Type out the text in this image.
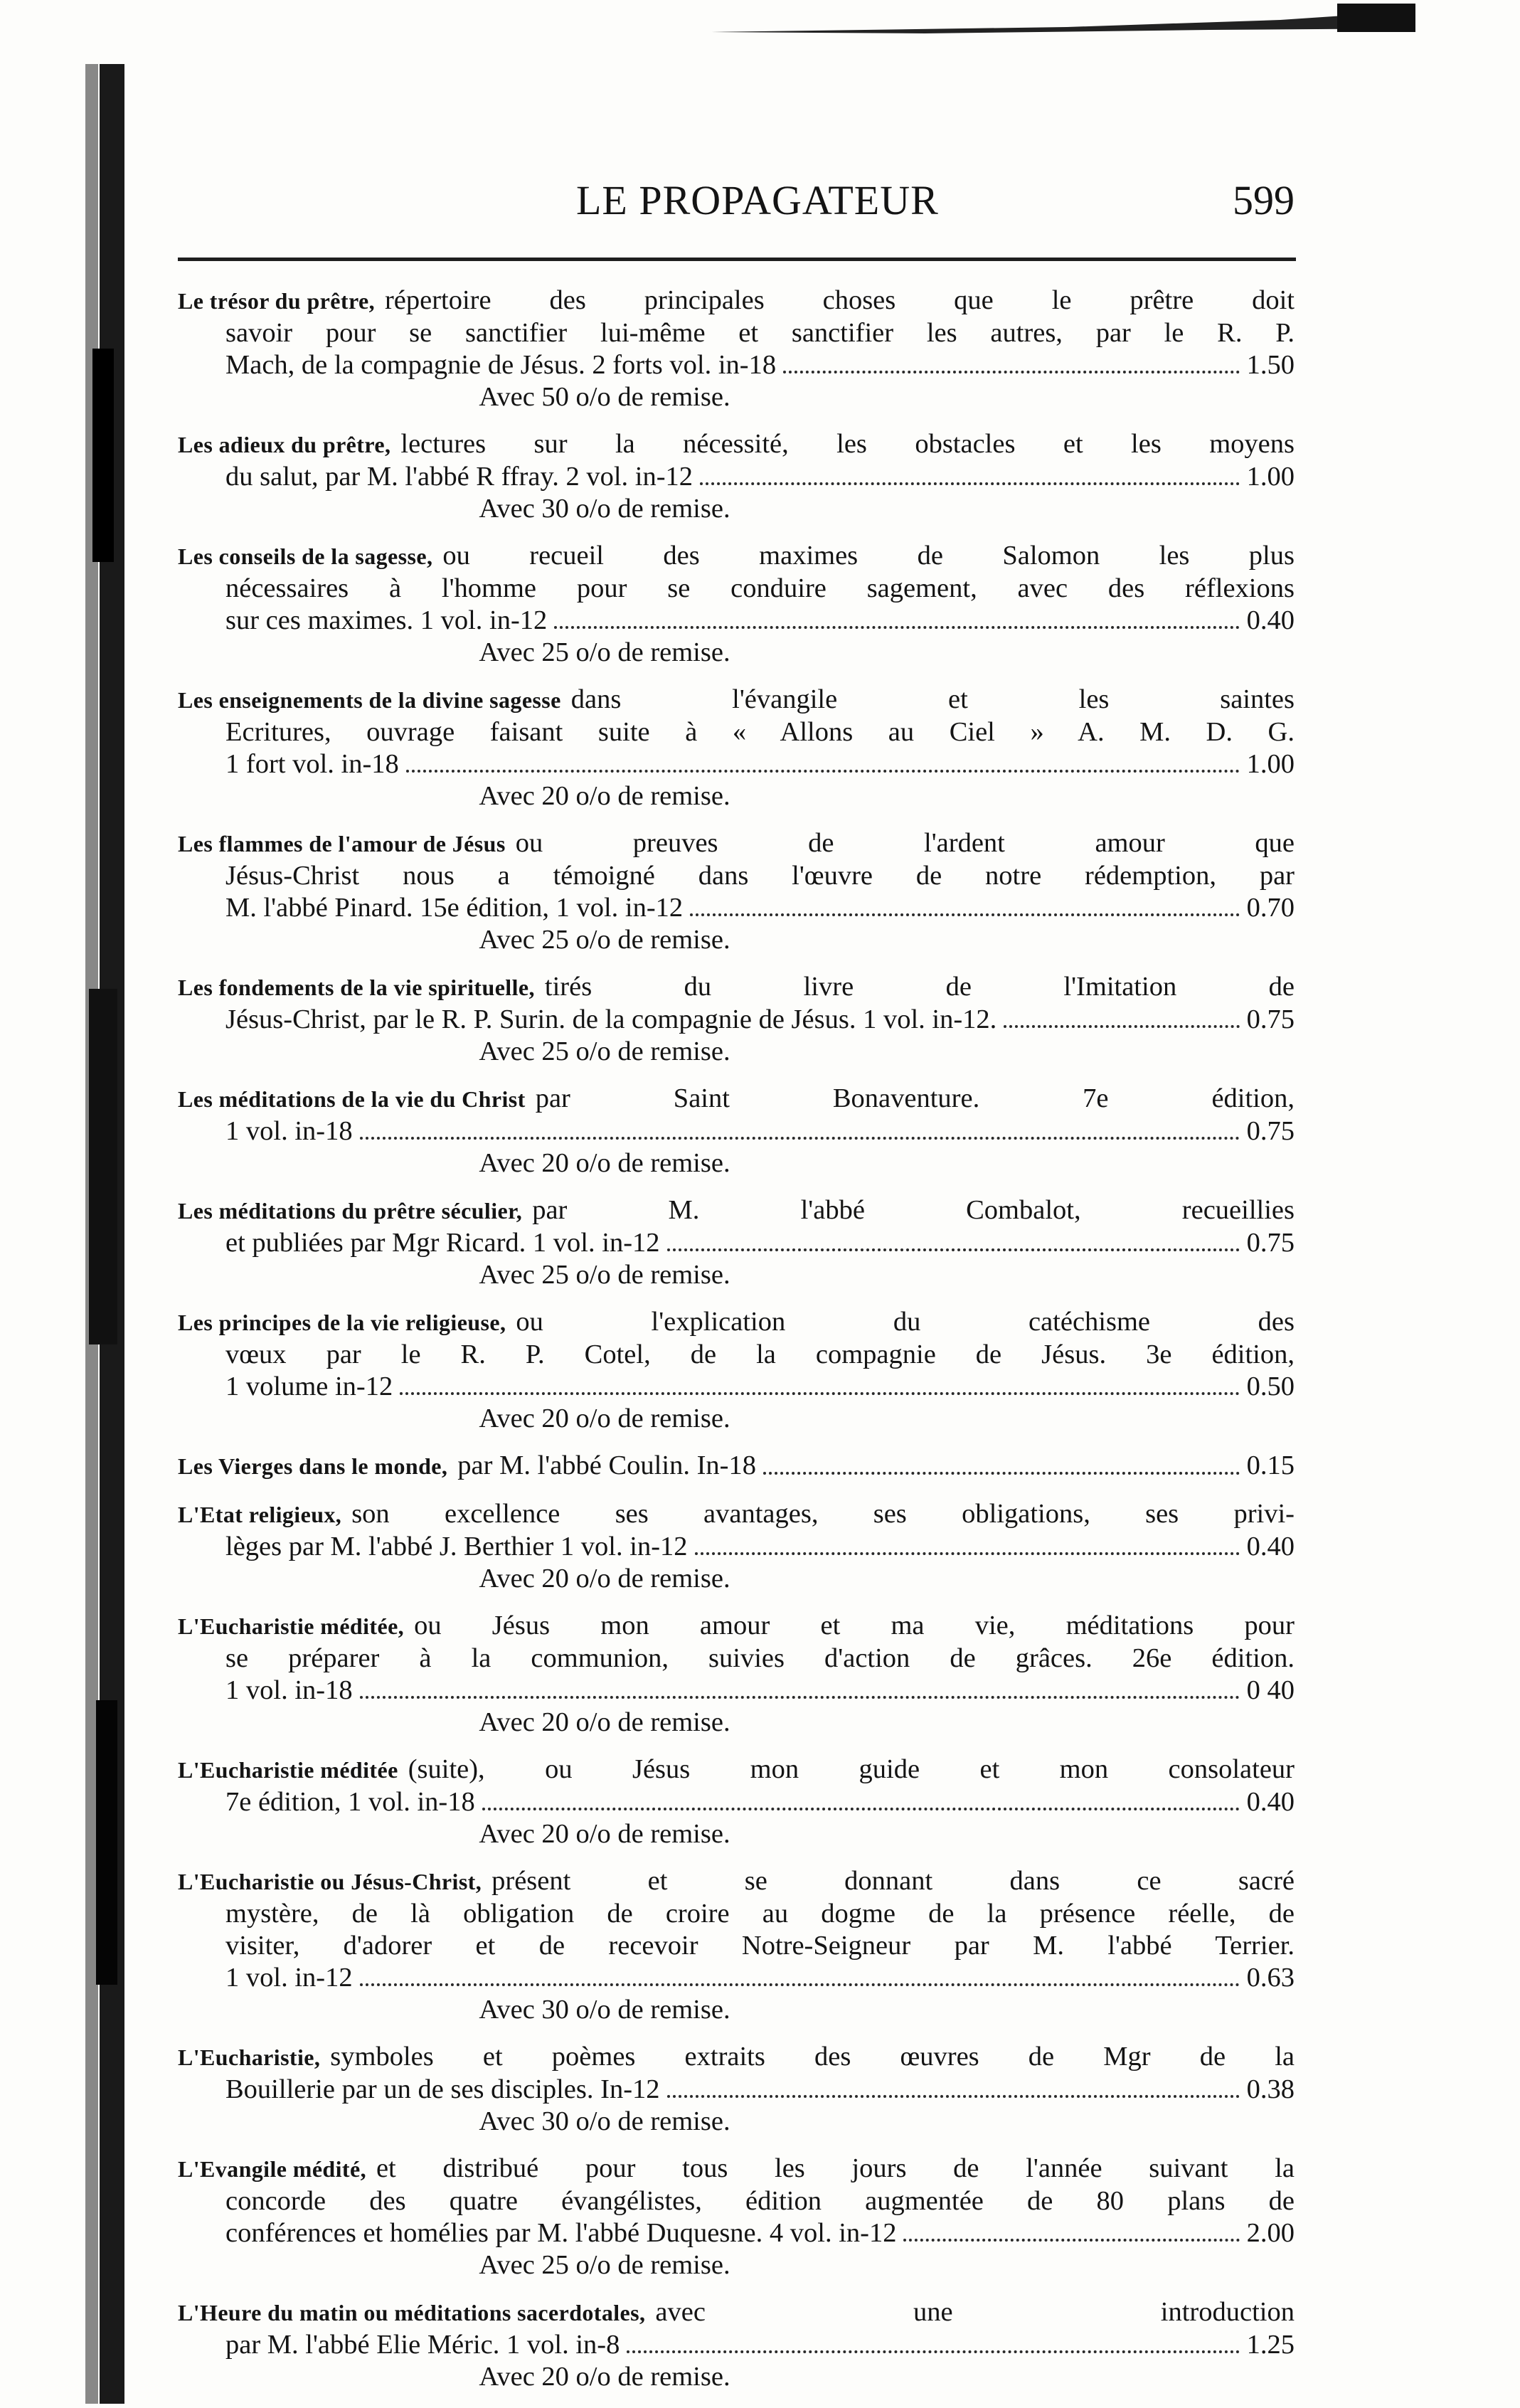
LE PROPAGATEUR	599
Le trésor du prêtre, répertoire des principales choses que le prêtre doit
savoir pour se sanctifier lui-même et sanctifier les autres, par le R. P.
Mach, de la compagnie de Jésus. 2 forts vol. in-18	1.50
Avec 50 o/o de remise.
Les adieux du prêtre, lectures sur la nécessité, les obstacles et les moyens
du salut, par M. l'abbé R ffray. 2 vol. in-12	1.00
Avec 30 o/o de remise.
Les conseils de la sagesse, ou recueil des maximes de Salomon les plus
nécessaires à l'homme pour se conduire sagement, avec des réflexions
sur ces maximes. 1 vol. in-12	0.40
Avec 25 o/o de remise.
Les enseignements de la divine sagesse dans l'évangile et les saintes
Ecritures, ouvrage faisant suite à « Allons au Ciel » A. M. D. G.
1 fort vol. in-18	1.00
Avec 20 o/o de remise.
Les flammes de l'amour de Jésus ou preuves de l'ardent amour que
Jésus-Christ nous a témoigné dans l'œuvre de notre rédemption, par
M. l'abbé Pinard. 15e édition, 1 vol. in-12	0.70
Avec 25 o/o de remise.
Les fondements de la vie spirituelle, tirés du livre de l'Imitation de
Jésus-Christ, par le R. P. Surin. de la compagnie de Jésus. 1 vol. in-12.	0.75
Avec 25 o/o de remise.
Les méditations de la vie du Christ par Saint Bonaventure. 7e édition,
1 vol. in-18	0.75
Avec 20 o/o de remise.
Les méditations du prêtre séculier, par M. l'abbé Combalot, recueillies
et publiées par Mgr Ricard. 1 vol. in-12	0.75
Avec 25 o/o de remise.
Les principes de la vie religieuse, ou l'explication du catéchisme des
vœux par le R. P. Cotel, de la compagnie de Jésus. 3e édition,
1 volume in-12	0.50
Avec 20 o/o de remise.
Les Vierges dans le monde, par M. l'abbé Coulin. In-18	0.15
L'Etat religieux, son excellence ses avantages, ses obligations, ses privi-
lèges par M. l'abbé J. Berthier 1 vol. in-12	0.40
Avec 20 o/o de remise.
L'Eucharistie méditée, ou Jésus mon amour et ma vie, méditations pour
se préparer à la communion, suivies d'action de grâces. 26e édition.
1 vol. in-18	0 40
Avec 20 o/o de remise.
L'Eucharistie méditée (suite), ou Jésus mon guide et mon consolateur
7e édition, 1 vol. in-18	0.40
Avec 20 o/o de remise.
L'Eucharistie ou Jésus-Christ, présent et se donnant dans ce sacré
mystère, de là obligation de croire au dogme de la présence réelle, de
visiter, d'adorer et de recevoir Notre-Seigneur par M. l'abbé Terrier.
1 vol. in-12	0.63
Avec 30 o/o de remise.
L'Eucharistie, symboles et poèmes extraits des œuvres de Mgr de la
Bouillerie par un de ses disciples. In-12	0.38
Avec 30 o/o de remise.
L'Evangile médité, et distribué pour tous les jours de l'année suivant la
concorde des quatre évangélistes, édition augmentée de 80 plans de
conférences et homélies par M. l'abbé Duquesne. 4 vol. in-12	2.00
Avec 25 o/o de remise.
L'Heure du matin ou méditations sacerdotales, avec une introduction
par M. l'abbé Elie Méric. 1 vol. in-8	1.25
Avec 20 o/o de remise.
